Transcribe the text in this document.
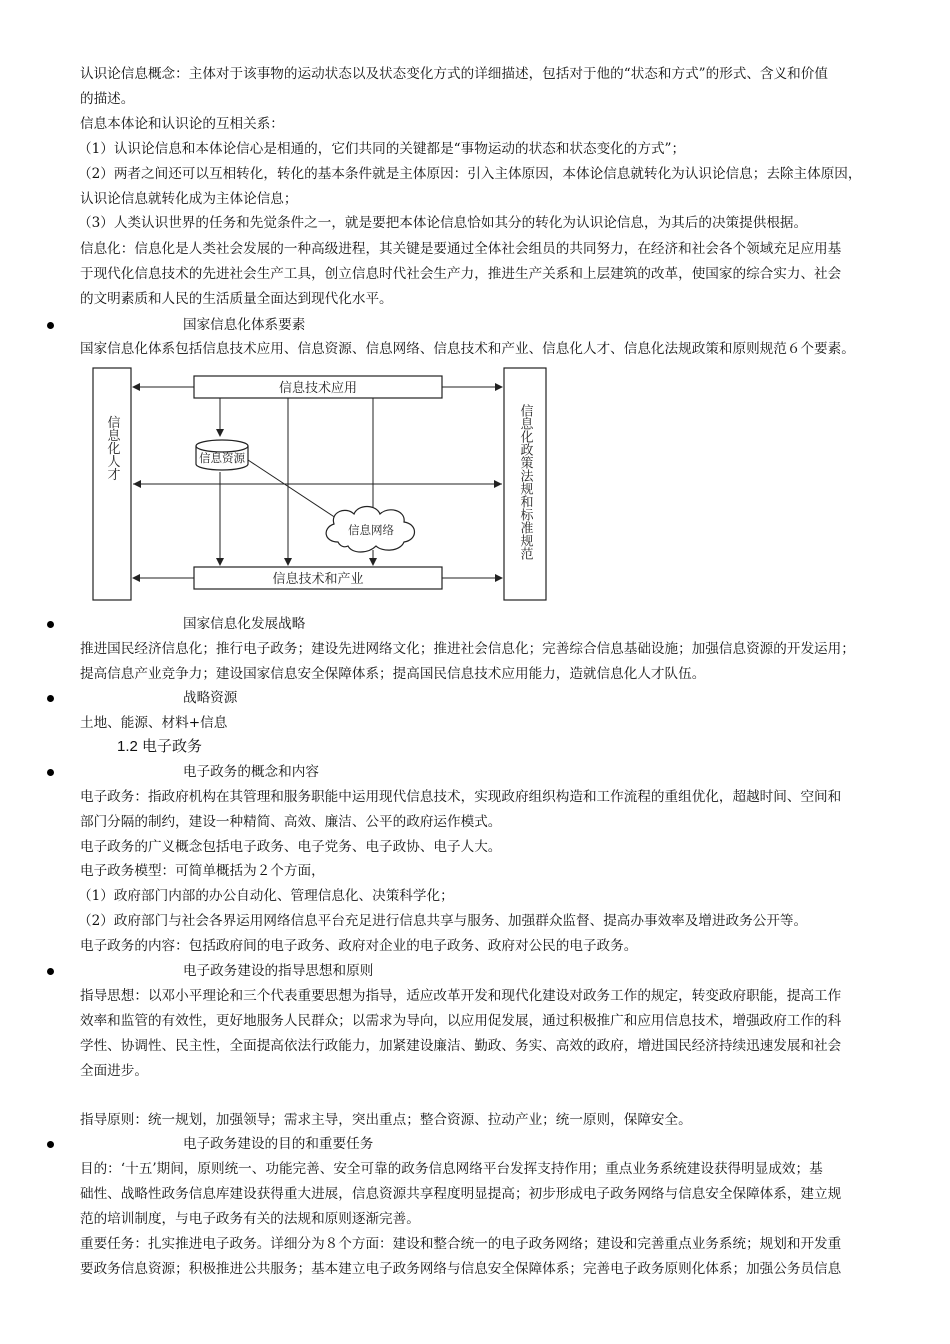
认识论信息概念：主体对于该事物的运动状态以及状态变化方式的详细描述，包括对于他的“状态和方式”的形式、含义和价值
的描述。
信息本体论和认识论的互相关系：
（1）认识论信息和本体论信心是相通的，它们共同的关键都是“事物运动的状态和状态变化的方式”；
（2）两者之间还可以互相转化，转化的基本条件就是主体原因：引入主体原因，本体论信息就转化为认识论信息；去除主体原因，
认识论信息就转化成为主体论信息；
（3）人类认识世界的任务和先觉条件之一，就是要把本体论信息恰如其分的转化为认识论信息，为其后的决策提供根据。
信息化：信息化是人类社会发展的一种高级进程，其关键是要通过全体社会组员的共同努力，在经济和社会各个领域充足应用基
于现代化信息技术的先进社会生产工具，创立信息时代社会生产力，推进生产关系和上层建筑的改革，使国家的综合实力、社会
的文明素质和人民的生活质量全面达到现代化水平。
国家信息化体系要素
国家信息化体系包括信息技术应用、信息资源、信息网络、信息技术和产业、信息化人才、信息化法规政策和原则规范６个要素。
信息技术应用
信息技术和产业
信息资源
信息网络
信息化人才	信息化政策法规和标准规范
国家信息化发展战略
推进国民经济信息化；推行电子政务；建设先进网络文化；推进社会信息化；完善综合信息基础设施；加强信息资源的开发运用；
提高信息产业竞争力；建设国家信息安全保障体系；提高国民信息技术应用能力，造就信息化人才队伍。
战略资源
土地、能源、材料+信息
1.2 电子政务
电子政务的概念和内容
电子政务：指政府机构在其管理和服务职能中运用现代信息技术，实现政府组织构造和工作流程的重组优化，超越时间、空间和
部门分隔的制约，建设一种精简、高效、廉洁、公平的政府运作模式。
电子政务的广义概念包括电子政务、电子党务、电子政协、电子人大。
电子政务模型：可简单概括为２个方面，
（1）政府部门内部的办公自动化、管理信息化、决策科学化；
（2）政府部门与社会各界运用网络信息平台充足进行信息共享与服务、加强群众监督、提高办事效率及增进政务公开等。
电子政务的内容：包括政府间的电子政务、政府对企业的电子政务、政府对公民的电子政务。
电子政务建设的指导思想和原则
指导思想：以邓小平理论和三个代表重要思想为指导，适应改革开发和现代化建设对政务工作的规定，转变政府职能，提高工作
效率和监管的有效性，更好地服务人民群众；以需求为导向，以应用促发展，通过积极推广和应用信息技术，增强政府工作的科
学性、协调性、民主性，全面提高依法行政能力，加紧建设廉洁、勤政、务实、高效的政府，增进国民经济持续迅速发展和社会
全面进步。
指导原则：统一规划，加强领导；需求主导，突出重点；整合资源、拉动产业；统一原则，保障安全。
电子政务建设的目的和重要任务
目的：‘十五’期间，原则统一、功能完善、安全可靠的政务信息网络平台发挥支持作用；重点业务系统建设获得明显成效；基
础性、战略性政务信息库建设获得重大进展，信息资源共享程度明显提高；初步形成电子政务网络与信息安全保障体系，建立规
范的培训制度，与电子政务有关的法规和原则逐渐完善。
重要任务：扎实推进电子政务。详细分为８个方面：建设和整合统一的电子政务网络；建设和完善重点业务系统；规划和开发重
要政务信息资源；积极推进公共服务；基本建立电子政务网络与信息安全保障体系；完善电子政务原则化体系；加强公务员信息
